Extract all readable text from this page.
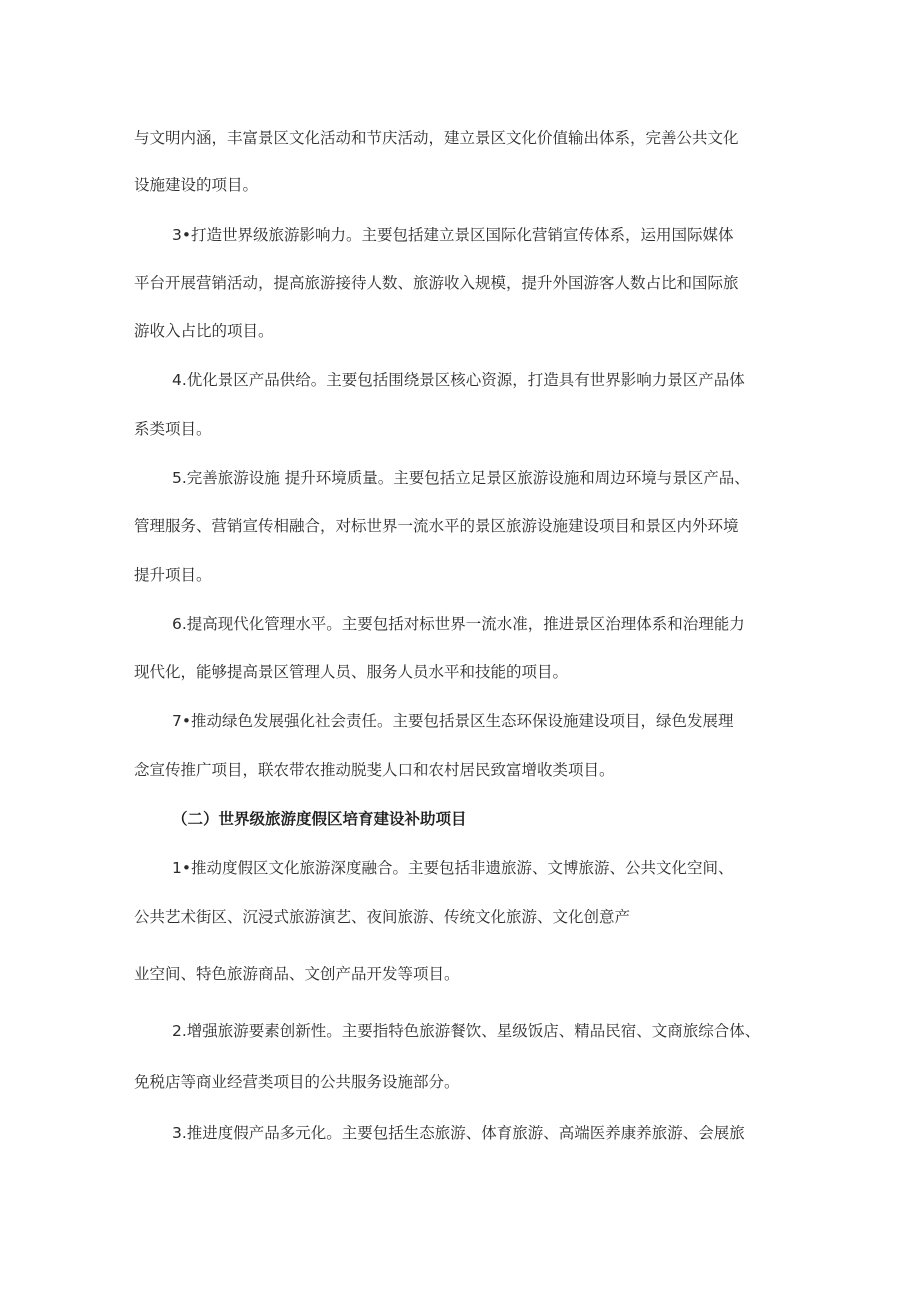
与文明内涵，丰富景区文化活动和节庆活动，建立景区文化价值输出体系，完善公共文化
设施建设的项目。
3•打造世界级旅游影响力。主要包括建立景区国际化营销宣传体系，运用国际媒体
平台开展营销活动，提高旅游接待人数、旅游收入规模，提升外国游客人数占比和国际旅
游收入占比的项目。
4.优化景区产品供给。主要包括围绕景区核心资源，打造具有世界影响力景区产品体
系类项目。
5.完善旅游设施 提升环境质量。主要包括立足景区旅游设施和周边环境与景区产品、
管理服务、营销宣传相融合，对标世界一流水平的景区旅游设施建设项目和景区内外环境
提升项目。
6.提高现代化管理水平。主要包括对标世界一流水准，推进景区治理体系和治理能力
现代化，能够提高景区管理人员、服务人员水平和技能的项目。
7•推动绿色发展强化社会责任。主要包括景区生态环保设施建设项目，绿色发展理
念宣传推广项目，联农带农推动脱斐人口和农村居民致富增收类项目。
（二）世界级旅游度假区培育建设补助项目
1•推动度假区文化旅游深度融合。主要包括非遗旅游、文博旅游、公共文化空间、
公共艺术街区、沉浸式旅游演艺、夜间旅游、传统文化旅游、文化创意产
业空间、特色旅游商品、文创产品开发等项目。
2.增强旅游要素创新性。主要指特色旅游餐饮、星级饭店、精品民宿、文商旅综合体、
免税店等商业经营类项目的公共服务设施部分。
3.推进度假产品多元化。主要包括生态旅游、体育旅游、高端医养康养旅游、会展旅
